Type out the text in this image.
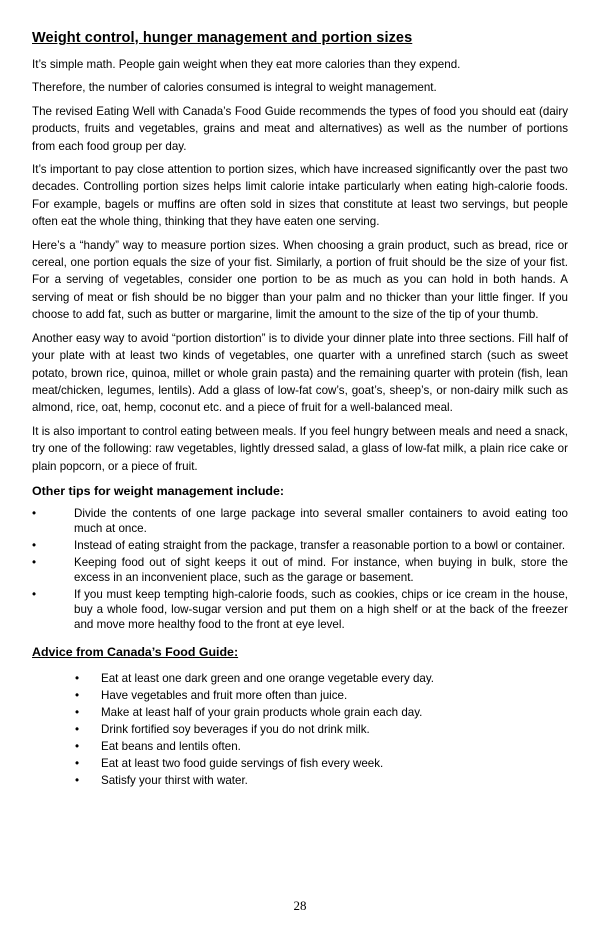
Weight control, hunger management and portion sizes

It’s simple math. People gain weight when they eat more calories than they expend.

Therefore, the number of calories consumed is integral to weight management.

The revised Eating Well with Canada’s Food Guide recommends the types of food you should eat (dairy products, fruits and vegetables, grains and meat and alternatives) as well as the number of portions from each food group per day.

It’s important to pay close attention to portion sizes, which have increased significantly over the past two decades. Controlling portion sizes helps limit calorie intake particularly when eating high-calorie foods. For example, bagels or muffins are often sold in sizes that constitute at least two servings, but people often eat the whole thing, thinking that they have eaten one serving.

Here’s a “handy” way to measure portion sizes. When choosing a grain product, such as bread, rice or cereal, one portion equals the size of your fist. Similarly, a portion of fruit should be the size of your fist. For a serving of vegetables, consider one portion to be as much as you can hold in both hands. A serving of meat or fish should be no bigger than your palm and no thicker than your little finger. If you choose to add fat, such as butter or margarine, limit the amount to the size of the tip of your thumb.

Another easy way to avoid “portion distortion” is to divide your dinner plate into three sections. Fill half of your plate with at least two kinds of vegetables, one quarter with a unrefined starch (such as sweet potato, brown rice, quinoa, millet or whole grain pasta) and the remaining quarter with protein (fish, lean meat/chicken, legumes, lentils). Add a glass of low-fat cow’s, goat’s, sheep’s, or non-dairy milk such as almond, rice, oat, hemp, coconut etc. and a piece of fruit for a well-balanced meal.

It is also important to control eating between meals. If you feel hungry between meals and need a snack, try one of the following: raw vegetables, lightly dressed salad, a glass of low-fat milk, a plain rice cake or plain popcorn, or a piece of fruit.

Other tips for weight management include:
•	Divide the contents of one large package into several smaller containers to avoid eating too much at once.
•	Instead of eating straight from the package, transfer a reasonable portion to a bowl or container.
•	Keeping food out of sight keeps it out of mind. For instance, when buying in bulk, store the excess in an inconvenient place, such as the garage or basement.
•	If you must keep tempting high-calorie foods, such as cookies, chips or ice cream in the house, buy a whole food, low-sugar version and put them on a high shelf or at the back of the freezer and move more healthy food to the front at eye level.
Advice from Canada’s Food Guide:
• Eat at least one dark green and one orange vegetable every day.
• Have vegetables and fruit more often than juice.
• Make at least half of your grain products whole grain each day.
• Drink fortified soy beverages if you do not drink milk.
• Eat beans and lentils often.
• Eat at least two food guide servings of fish every week.
• Satisfy your thirst with water.
28
